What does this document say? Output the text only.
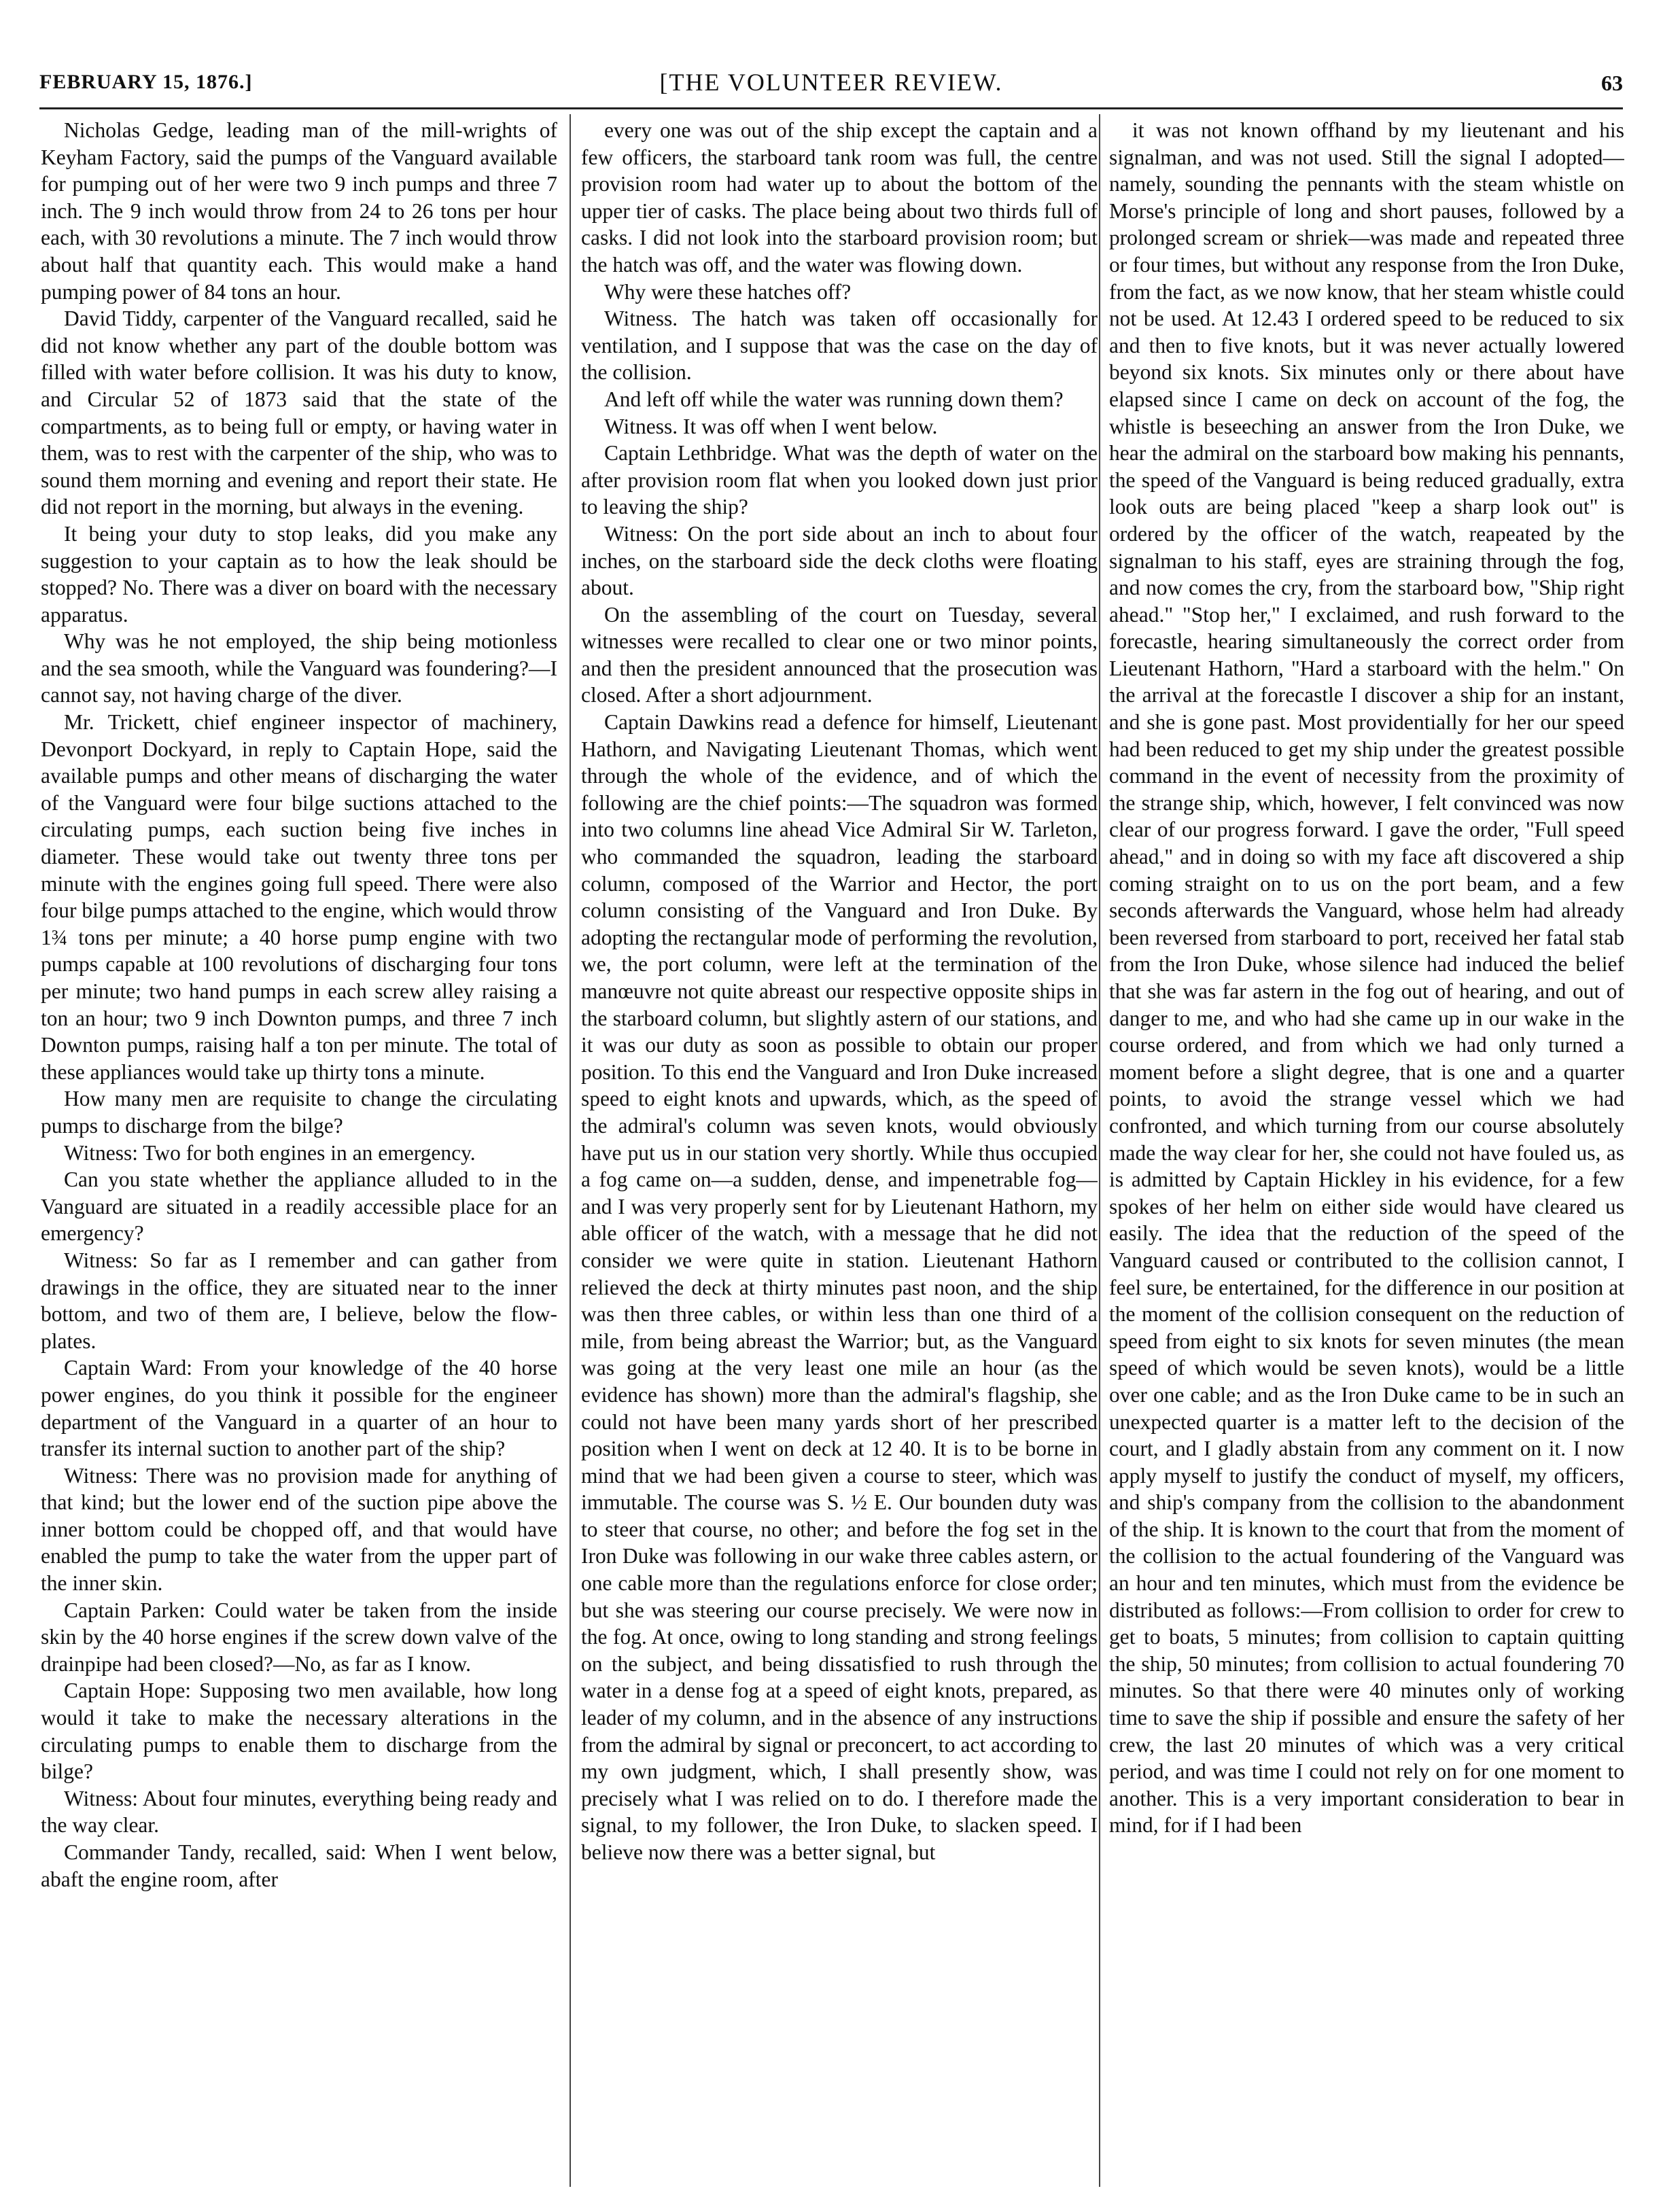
FEBRUARY 15, 1876.]	[THE VOLUNTEER REVIEW.	63

Nicholas Gedge, leading man of the mill-wrights of Keyham Factory, said the pumps of the Vanguard available for pumping out of her were two 9 inch pumps and three 7 inch. The 9 inch would throw from 24 to 26 tons per hour each, with 30 revolutions a minute. The 7 inch would throw about half that quantity each. This would make a hand pumping power of 84 tons an hour.

David Tiddy, carpenter of the Vanguard recalled, said he did not know whether any part of the double bottom was filled with water before collision. It was his duty to know, and Circular 52 of 1873 said that the state of the compartments, as to being full or empty, or having water in them, was to rest with the carpenter of the ship, who was to sound them morning and evening and report their state. He did not report in the morning, but always in the evening.

It being your duty to stop leaks, did you make any suggestion to your captain as to how the leak should be stopped? No. There was a diver on board with the necessary apparatus.

Why was he not employed, the ship being motionless and the sea smooth, while the Vanguard was foundering?—I cannot say, not having charge of the diver.

Mr. Trickett, chief engineer inspector of machinery, Devonport Dockyard, in reply to Captain Hope, said the available pumps and other means of discharging the water of the Vanguard were four bilge suctions attached to the circulating pumps, each suction being five inches in diameter. These would take out twenty three tons per minute with the engines going full speed. There were also four bilge pumps attached to the engine, which would throw 1¾ tons per minute; a 40 horse pump engine with two pumps capable at 100 revolutions of discharging four tons per minute; two hand pumps in each screw alley raising a ton an hour; two 9 inch Downton pumps, and three 7 inch Downton pumps, raising half a ton per minute. The total of these appliances would take up thirty tons a minute.

How many men are requisite to change the circulating pumps to discharge from the bilge?

Witness: Two for both engines in an emergency.

Can you state whether the appliance alluded to in the Vanguard are situated in a readily accessible place for an emergency?

Witness: So far as I remember and can gather from drawings in the office, they are situated near to the inner bottom, and two of them are, I believe, below the flow-plates.

Captain Ward: From your knowledge of the 40 horse power engines, do you think it possible for the engineer department of the Vanguard in a quarter of an hour to transfer its internal suction to another part of the ship?

Witness: There was no provision made for anything of that kind; but the lower end of the suction pipe above the inner bottom could be chopped off, and that would have enabled the pump to take the water from the upper part of the inner skin.

Captain Parken: Could water be taken from the inside skin by the 40 horse engines if the screw down valve of the drainpipe had been closed?—No, as far as I know.

Captain Hope: Supposing two men available, how long would it take to make the necessary alterations in the circulating pumps to enable them to discharge from the bilge?

Witness: About four minutes, everything being ready and the way clear.

Commander Tandy, recalled, said: When I went below, abaft the engine room, after

every one was out of the ship except the captain and a few officers, the starboard tank room was full, the centre provision room had water up to about the bottom of the upper tier of casks. The place being about two thirds full of casks. I did not look into the starboard provision room; but the hatch was off, and the water was flowing down.

Why were these hatches off?

Witness. The hatch was taken off occasionally for ventilation, and I suppose that was the case on the day of the collision.

And left off while the water was running down them?

Witness. It was off when I went below.

Captain Lethbridge. What was the depth of water on the after provision room flat when you looked down just prior to leaving the ship?

Witness: On the port side about an inch to about four inches, on the starboard side the deck cloths were floating about.

On the assembling of the court on Tuesday, several witnesses were recalled to clear one or two minor points, and then the president announced that the prosecution was closed. After a short adjournment.

Captain Dawkins read a defence for himself, Lieutenant Hathorn, and Navigating Lieutenant Thomas, which went through the whole of the evidence, and of which the following are the chief points:—The squadron was formed into two columns line ahead Vice Admiral Sir W. Tarleton, who commanded the squadron, leading the starboard column, composed of the Warrior and Hector, the port column consisting of the Vanguard and Iron Duke. By adopting the rectangular mode of performing the revolution, we, the port column, were left at the termination of the manœuvre not quite abreast our respective opposite ships in the starboard column, but slightly astern of our stations, and it was our duty as soon as possible to obtain our proper position. To this end the Vanguard and Iron Duke increased speed to eight knots and upwards, which, as the speed of the admiral's column was seven knots, would obviously have put us in our station very shortly. While thus occupied a fog came on—a sudden, dense, and impenetrable fog—and I was very properly sent for by Lieutenant Hathorn, my able officer of the watch, with a message that he did not consider we were quite in station. Lieutenant Hathorn relieved the deck at thirty minutes past noon, and the ship was then three cables, or within less than one third of a mile, from being abreast the Warrior; but, as the Vanguard was going at the very least one mile an hour (as the evidence has shown) more than the admiral's flagship, she could not have been many yards short of her prescribed position when I went on deck at 12 40. It is to be borne in mind that we had been given a course to steer, which was immutable. The course was S. ½ E. Our bounden duty was to steer that course, no other; and before the fog set in the Iron Duke was following in our wake three cables astern, or one cable more than the regulations enforce for close order; but she was steering our course precisely. We were now in the fog. At once, owing to long standing and strong feelings on the subject, and being dissatisfied to rush through the water in a dense fog at a speed of eight knots, prepared, as leader of my column, and in the absence of any instructions from the admiral by signal or preconcert, to act according to my own judgment, which, I shall presently show, was precisely what I was relied on to do. I therefore made the signal, to my follower, the Iron Duke, to slacken speed. I believe now there was a better signal, but

it was not known offhand by my lieutenant and his signalman, and was not used. Still the signal I adopted—namely, sounding the pennants with the steam whistle on Morse's principle of long and short pauses, followed by a prolonged scream or shriek—was made and repeated three or four times, but without any response from the Iron Duke, from the fact, as we now know, that her steam whistle could not be used. At 12.43 I ordered speed to be reduced to six and then to five knots, but it was never actually lowered beyond six knots. Six minutes only or there about have elapsed since I came on deck on account of the fog, the whistle is beseeching an answer from the Iron Duke, we hear the admiral on the starboard bow making his pennants, the speed of the Vanguard is being reduced gradually, extra look outs are being placed "keep a sharp look out" is ordered by the officer of the watch, reapeated by the signalman to his staff, eyes are straining through the fog, and now comes the cry, from the starboard bow, "Ship right ahead." "Stop her," I exclaimed, and rush forward to the forecastle, hearing simultaneously the correct order from Lieutenant Hathorn, "Hard a starboard with the helm." On the arrival at the forecastle I discover a ship for an instant, and she is gone past. Most providentially for her our speed had been reduced to get my ship under the greatest possible command in the event of necessity from the proximity of the strange ship, which, however, I felt convinced was now clear of our progress forward. I gave the order, "Full speed ahead," and in doing so with my face aft discovered a ship coming straight on to us on the port beam, and a few seconds afterwards the Vanguard, whose helm had already been reversed from starboard to port, received her fatal stab from the Iron Duke, whose silence had induced the belief that she was far astern in the fog out of hearing, and out of danger to me, and who had she came up in our wake in the course ordered, and from which we had only turned a moment before a slight degree, that is one and a quarter points, to avoid the strange vessel which we had confronted, and which turning from our course absolutely made the way clear for her, she could not have fouled us, as is admitted by Captain Hickley in his evidence, for a few spokes of her helm on either side would have cleared us easily. The idea that the reduction of the speed of the Vanguard caused or contributed to the collision cannot, I feel sure, be entertained, for the difference in our position at the moment of the collision consequent on the reduction of speed from eight to six knots for seven minutes (the mean speed of which would be seven knots), would be a little over one cable; and as the Iron Duke came to be in such an unexpected quarter is a matter left to the decision of the court, and I gladly abstain from any comment on it. I now apply myself to justify the conduct of myself, my officers, and ship's company from the collision to the abandonment of the ship. It is known to the court that from the moment of the collision to the actual foundering of the Vanguard was an hour and ten minutes, which must from the evidence be distributed as follows:—From collision to order for crew to get to boats, 5 minutes; from collision to captain quitting the ship, 50 minutes; from collision to actual foundering 70 minutes. So that there were 40 minutes only of working time to save the ship if possible and ensure the safety of her crew, the last 20 minutes of which was a very critical period, and was time I could not rely on for one moment to another. This is a very important consideration to bear in mind, for if I had been
